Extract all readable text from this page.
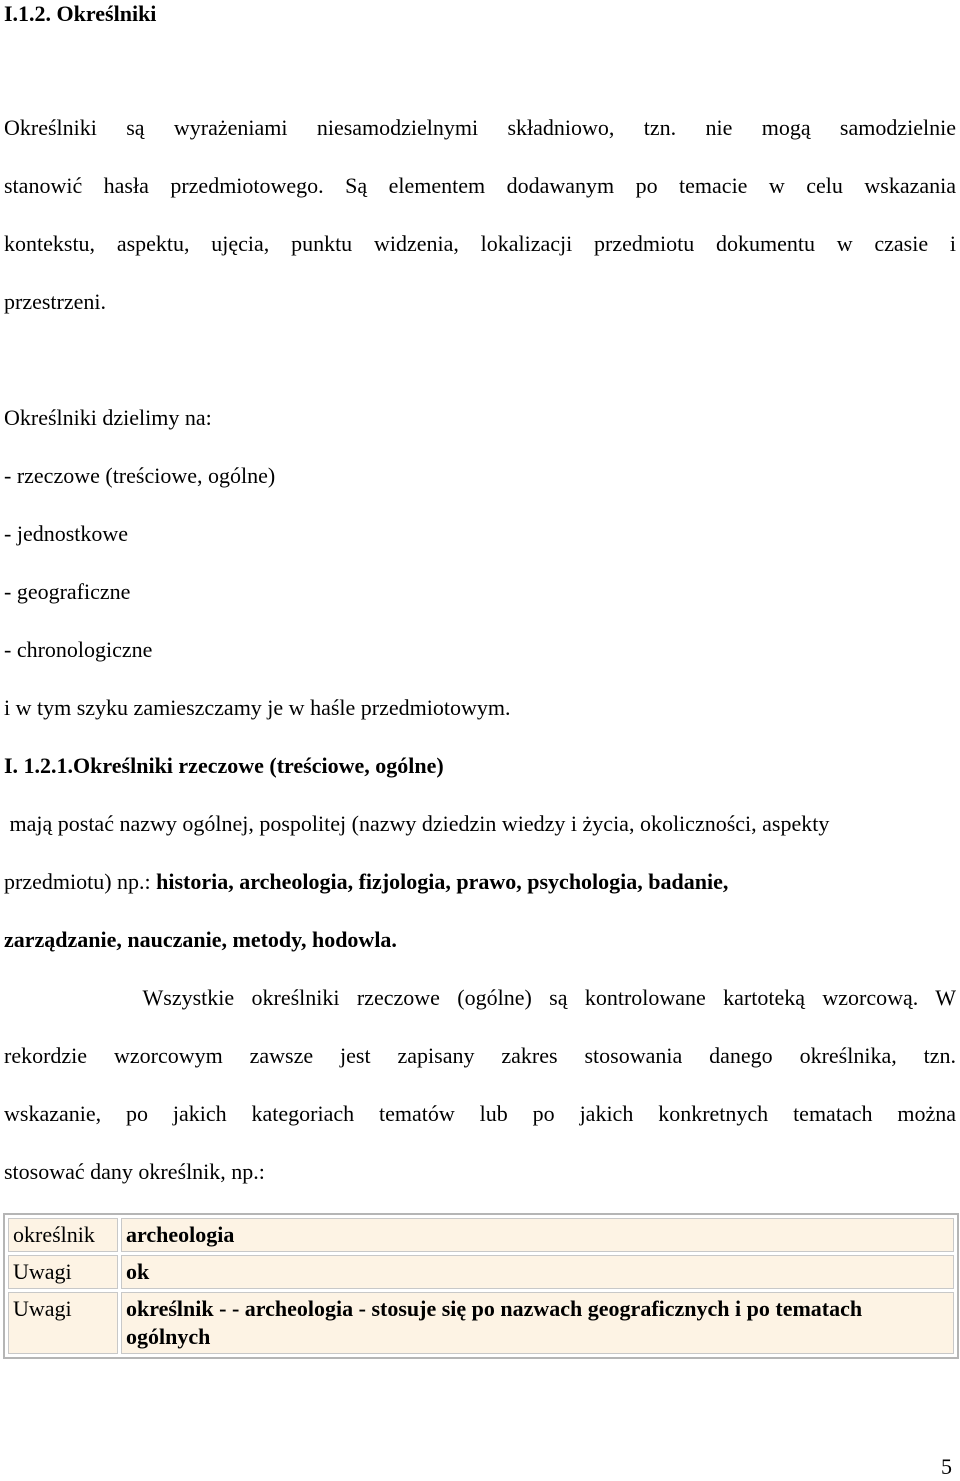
I.1.2. Określniki
Określniki są wyrażeniami niesamodzielnymi składniowo, tzn. nie mogą samodzielnie
stanowić hasła przedmiotowego. Są elementem dodawanym po temacie w celu wskazania
kontekstu, aspektu, ujęcia, punktu widzenia, lokalizacji przedmiotu dokumentu w czasie i
przestrzeni.
Określniki dzielimy na:
- rzeczowe (treściowe, ogólne)
- jednostkowe
- geograficzne
- chronologiczne
i w tym szyku zamieszczamy je w haśle przedmiotowym.
I. 1.2.1.Określniki rzeczowe (treściowe, ogólne)
mają postać nazwy ogólnej, pospolitej (nazwy dziedzin wiedzy i życia, okoliczności, aspekty
przedmiotu) np.: historia, archeologia, fizjologia, prawo, psychologia, badanie,
zarządzanie, nauczanie, metody, hodowla.
Wszystkie określniki rzeczowe (ogólne) są kontrolowane kartoteką wzorcową. W
rekordzie wzorcowym zawsze jest zapisany zakres stosowania danego określnika, tzn.
wskazanie, po jakich kategoriach tematów lub po jakich konkretnych tematach można
stosować dany określnik, np.:
określnik	archeologia
Uwagi	ok
Uwagi	określnik - - archeologia - stosuje się po nazwach geograficznych i po tematach ogólnych
5
